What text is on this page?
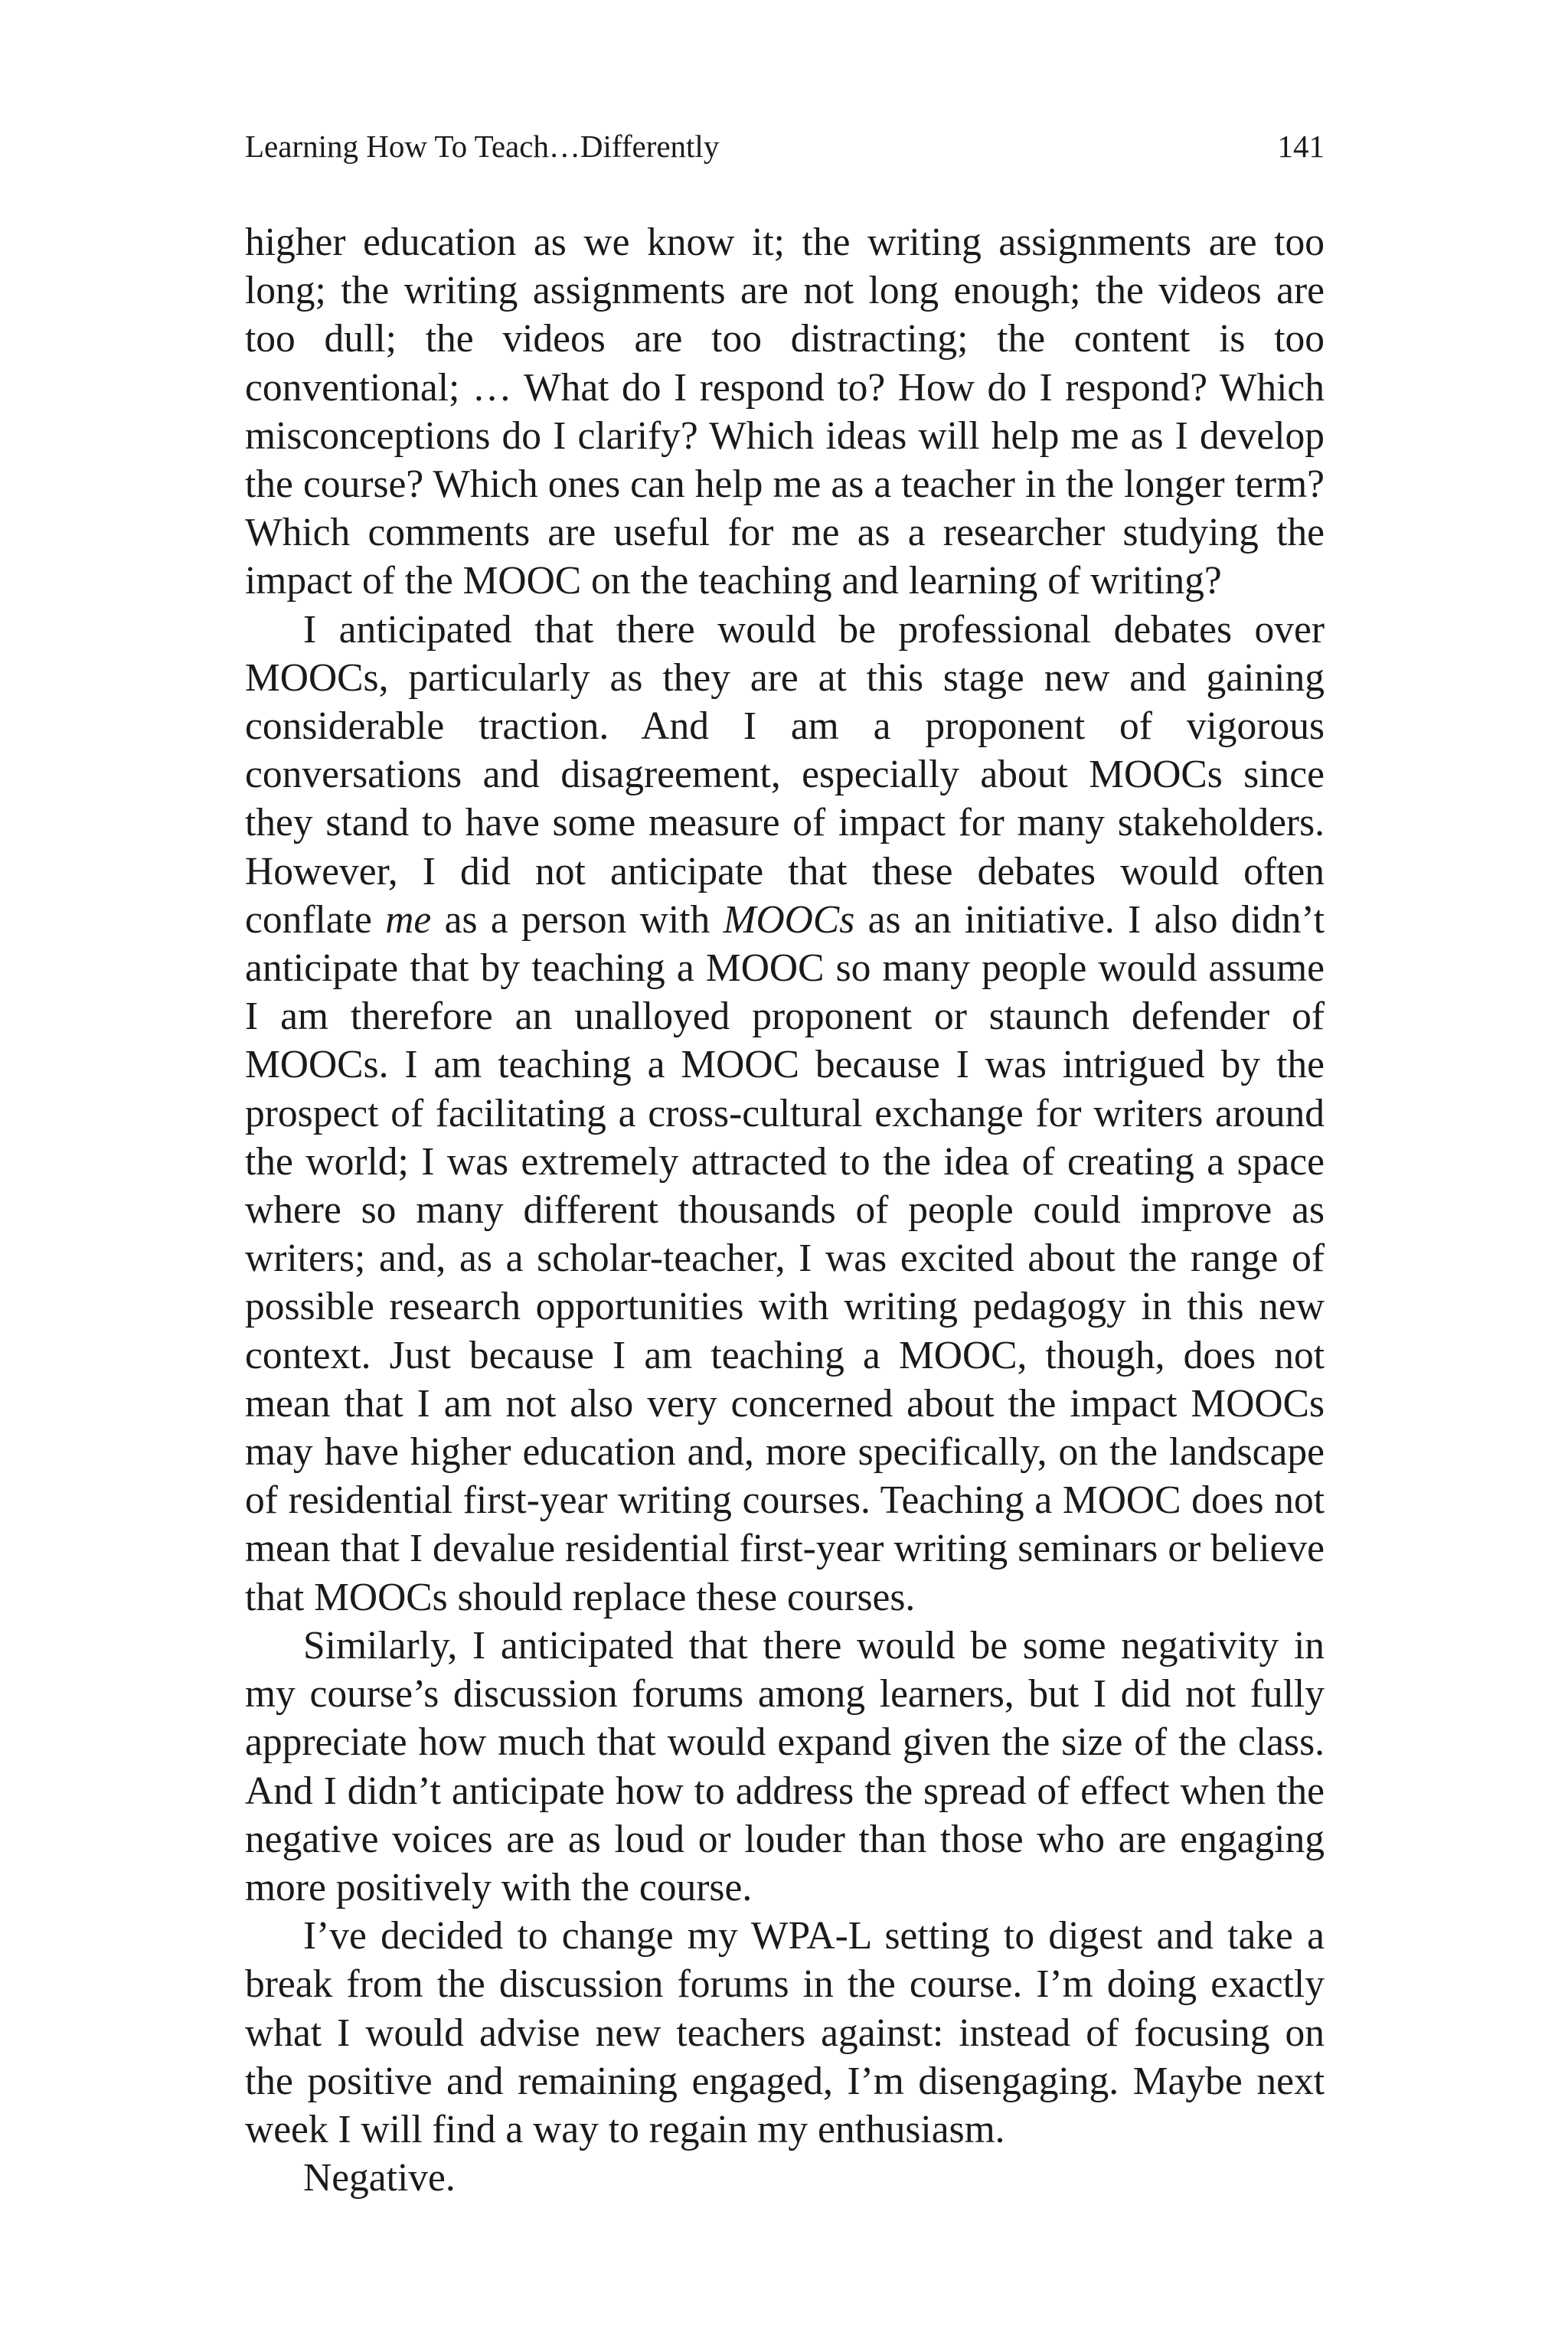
Learning How To Teach…Differently	141

higher education as we know it; the writing assignments are too long; the writing assignments are not long enough; the videos are too dull; the videos are too distracting; the content is too conventional; … What do I respond to? How do I respond? Which misconceptions do I clarify? Which ideas will help me as I develop the course? Which ones can help me as a teacher in the longer term? Which comments are useful for me as a researcher studying the impact of the MOOC on the teaching and learning of writing?

I anticipated that there would be professional debates over MOOCs, particularly as they are at this stage new and gaining considerable traction. And I am a proponent of vigorous conversations and disagreement, especially about MOOCs since they stand to have some measure of impact for many stakeholders. However, I did not anticipate that these debates would often conflate me as a person with MOOCs as an initiative. I also didn’t anticipate that by teaching a MOOC so many people would assume I am therefore an unalloyed proponent or staunch defender of MOOCs. I am teaching a MOOC because I was intrigued by the prospect of facilitating a cross-cultural exchange for writers around the world; I was extremely attracted to the idea of creating a space where so many different thousands of people could improve as writers; and, as a scholar-teacher, I was excited about the range of possible research opportunities with writing pedagogy in this new context. Just because I am teaching a MOOC, though, does not mean that I am not also very concerned about the impact MOOCs may have higher education and, more specifically, on the landscape of residential first-year writing courses. Teaching a MOOC does not mean that I devalue residential first-year writing seminars or believe that MOOCs should replace these courses.

Similarly, I anticipated that there would be some negativity in my course’s discussion forums among learners, but I did not fully appreciate how much that would expand given the size of the class. And I didn’t anticipate how to address the spread of effect when the negative voices are as loud or louder than those who are engaging more positively with the course.

I’ve decided to change my WPA-L setting to digest and take a break from the discussion forums in the course. I’m doing exactly what I would advise new teachers against: instead of focusing on the positive and remaining engaged, I’m disengaging. Maybe next week I will find a way to regain my enthusiasm.

Negative.
